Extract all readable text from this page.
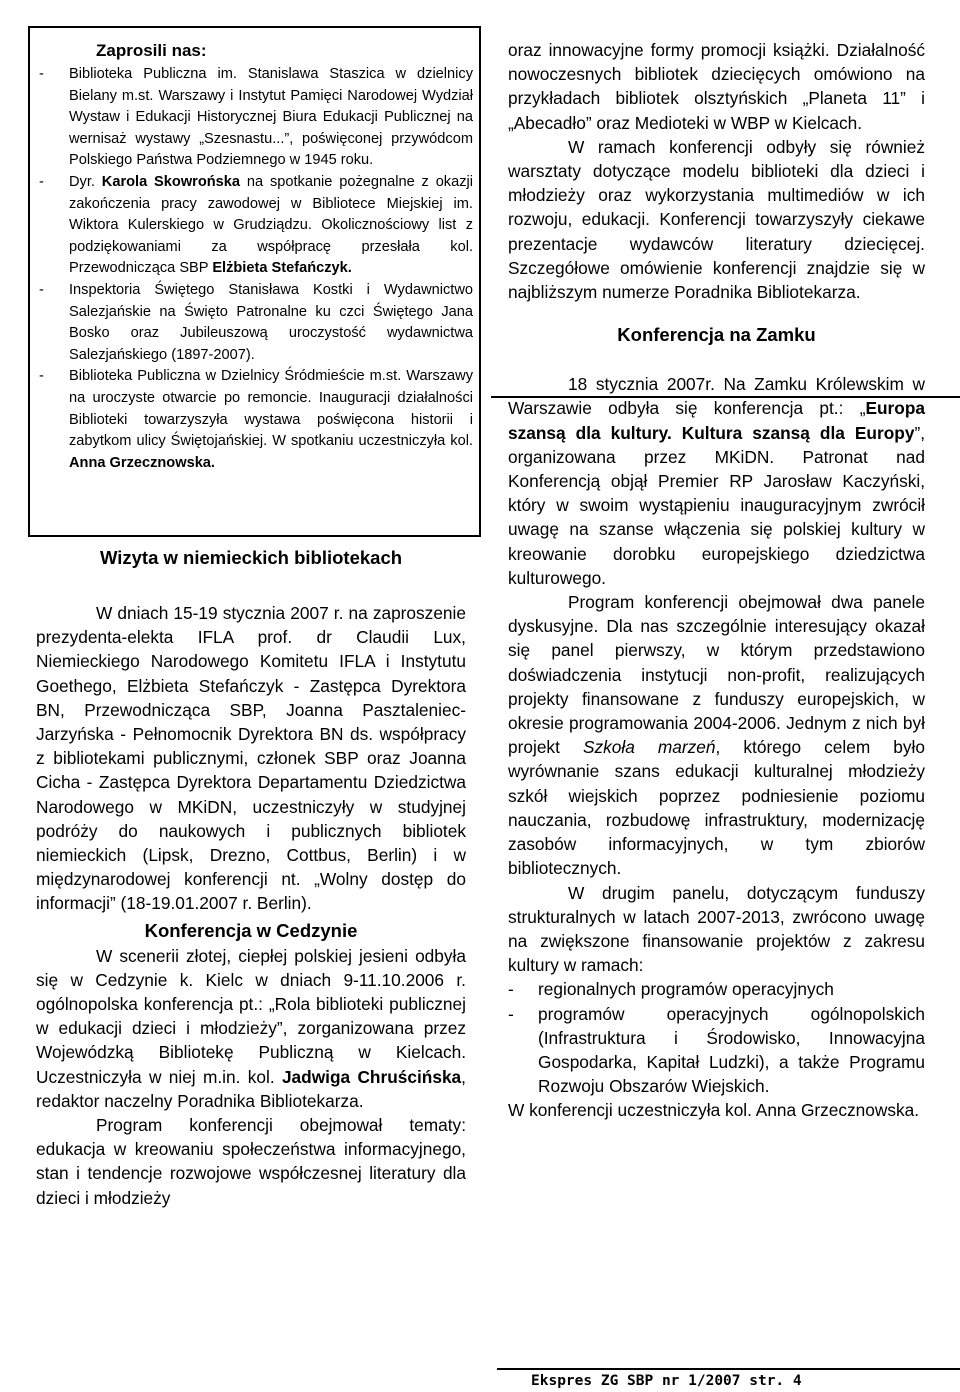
Zaprosili nas:
- Biblioteka Publiczna im. Stanislawa Staszica w dzielnicy Bielany m.st. Warszawy i Instytut Pamięci Narodowej Wydział Wystaw i Edukacji Historycznej Biura Edukacji Publicznej na wernisaż wystawy „Szesnastu...”, poświęconej przywódcom Polskiego Państwa Podziemnego w 1945 roku.
- Dyr. Karola Skowrońska na spotkanie pożegnalne z okazji zakończenia pracy zawodowej w Bibliotece Miejskiej im. Wiktora Kulerskiego w Grudziądzu. Okolicznościowy list z podziękowaniami za współpracę przesłała kol. Przewodnicząca SBP Elżbieta Stefańczyk.
- Inspektoria Świętego Stanisława Kostki i Wydawnictwo Salezjańskie na Święto Patronalne ku czci Świętego Jana Bosko oraz Jubileuszową uroczystość wydawnictwa Salezjańskiego (1897-2007).
- Biblioteka Publiczna w Dzielnicy Śródmieście m.st. Warszawy na uroczyste otwarcie po remoncie. Inauguracji działalności Biblioteki towarzyszyła wystawa poświęcona historii i zabytkom ulicy Świętojańskiej. W spotkaniu uczestniczyła kol. Anna Grzecznowska.
Wizyta w niemieckich bibliotekach

W dniach 15-19 stycznia 2007 r. na zaproszenie prezydenta-elekta IFLA prof. dr Claudii Lux, Niemieckiego Narodowego Komitetu IFLA i Instytutu Goethego, Elżbieta Stefańczyk - Zastępca Dyrektora BN, Przewodnicząca SBP, Joanna Pasztaleniec-Jarzyńska - Pełnomocnik Dyrektora BN ds. współpracy z bibliotekami publicznymi, członek SBP oraz Joanna Cicha - Zastępca Dyrektora Departamentu Dziedzictwa Narodowego w MKiDN, uczestniczyły w studyjnej podróży do naukowych i publicznych bibliotek niemieckich (Lipsk, Drezno, Cottbus, Berlin) i w międzynarodowej konferencji nt. „Wolny dostęp do informacji” (18-19.01.2007 r. Berlin).

Konferencja w Cedzynie

W scenerii złotej, ciepłej polskiej jesieni odbyła się w Cedzynie k. Kielc w dniach 9-11.10.2006 r. ogólnopolska konferencja pt.: „Rola biblioteki publicznej w edukacji dzieci i młodzieży”, zorganizowana przez Wojewódzką Bibliotekę Publiczną w Kielcach. Uczestniczyła w niej m.in. kol. Jadwiga Chruścińska, redaktor naczelny Poradnika Bibliotekarza.

Program konferencji obejmował tematy: edukacja w kreowaniu społeczeństwa informacyjnego, stan i tendencje rozwojowe współczesnej literatury dla dzieci i młodzieży

oraz innowacyjne formy promocji książki. Działalność nowoczesnych bibliotek dziecięcych omówiono na przykładach bibliotek olsztyńskich „Planeta 11” i „Abecadło” oraz Medioteki w WBP w Kielcach.

W ramach konferencji odbyły się również warsztaty dotyczące modelu biblioteki dla dzieci i młodzieży oraz wykorzystania multimediów w ich rozwoju, edukacji. Konferencji towarzyszyły ciekawe prezentacje wydawców literatury dziecięcej. Szczegółowe omówienie konferencji znajdzie się w najbliższym numerze Poradnika Bibliotekarza.

Konferencja na Zamku

18 stycznia 2007r. Na Zamku Królewskim w Warszawie odbyła się konferencja pt.: „Europa szansą dla kultury. Kultura szansą dla Europy”, organizowana przez MKiDN. Patronat nad Konferencją objął Premier RP Jarosław Kaczyński, który w swoim wystąpieniu inauguracyjnym zwrócił uwagę na szanse włączenia się polskiej kultury w kreowanie dorobku europejskiego dziedzictwa kulturowego.

Program konferencji obejmował dwa panele dyskusyjne. Dla nas szczególnie interesujący okazał się panel pierwszy, w którym przedstawiono doświadczenia instytucji non-profit, realizujących projekty finansowane z funduszy europejskich, w okresie programowania 2004-2006. Jednym z nich był projekt Szkoła marzeń, którego celem było wyrównanie szans edukacji kulturalnej młodzieży szkół wiejskich poprzez podniesienie poziomu nauczania, rozbudowę infrastruktury, modernizację zasobów informacyjnych, w tym zbiorów bibliotecznych.

W drugim panelu, dotyczącym funduszy strukturalnych w latach 2007-2013, zwrócono uwagę na zwiększone finansowanie projektów z zakresu kultury w ramach:

- regionalnych programów operacyjnych
- programów operacyjnych ogólnopolskich (Infrastruktura i Środowisko, Innowacyjna Gospodarka, Kapitał Ludzki), a także Programu Rozwoju Obszarów Wiejskich.

W konferencji uczestniczyła kol. Anna Grzecznowska.

Ekspres ZG SBP nr 1/2007 str. 4
